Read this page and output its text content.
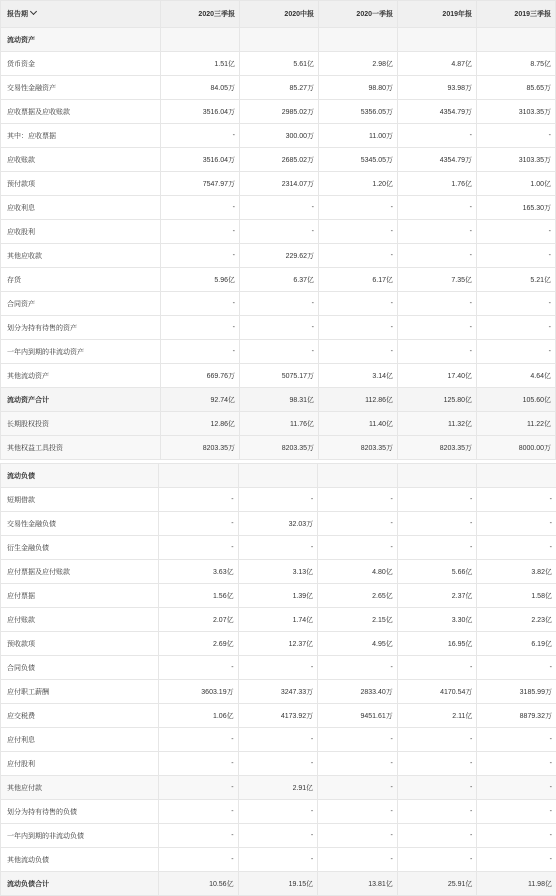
报告期	2020三季报	2020中报	2020一季报	2019年报	2019三季报
流动资产					
货币资金	1.51亿	5.61亿	2.98亿	4.87亿	8.75亿
交易性金融资产	84.05万	85.27万	98.80万	93.98万	85.65万
应收票据及应收账款	3516.04万	2985.02万	5356.05万	4354.79万	3103.35万
其中：应收票据	-	300.00万	11.00万	-	-
应收账款	3516.04万	2685.02万	5345.05万	4354.79万	3103.35万
预付款项	7547.97万	2314.07万	1.20亿	1.76亿	1.00亿
应收利息	-	-	-	-	165.30万
应收股利	-	-	-	-	-
其他应收款	-	229.62万	-	-	-
存货	5.96亿	6.37亿	6.17亿	7.35亿	5.21亿
合同资产	-	-	-	-	-
划分为持有待售的资产	-	-	-	-	-
一年内到期的非流动资产	-	-	-	-	-
其他流动资产	669.76万	5075.17万	3.14亿	17.40亿	4.64亿
流动资产合计	92.74亿	98.31亿	112.86亿	125.80亿	105.60亿
长期股权投资	12.86亿	11.76亿	11.40亿	11.32亿	11.22亿
其他权益工具投资	8203.35万	8203.35万	8203.35万	8203.35万	8000.00万
流动负债					
短期借款	-	-	-	-	-
交易性金融负债	-	32.03万	-	-	-
衍生金融负债	-	-	-	-	-
应付票据及应付账款	3.63亿	3.13亿	4.80亿	5.66亿	3.82亿
应付票据	1.56亿	1.39亿	2.65亿	2.37亿	1.58亿
应付账款	2.07亿	1.74亿	2.15亿	3.30亿	2.23亿
预收款项	2.69亿	12.37亿	4.95亿	16.95亿	6.19亿
合同负债	-	-	-	-	-
应付职工薪酬	3603.19万	3247.33万	2833.40万	4170.54万	3185.99万
应交税费	1.06亿	4173.92万	9451.61万	2.11亿	8879.32万
应付利息	-	-	-	-	-
应付股利	-	-	-	-	-
其他应付款	-	2.91亿	-	-	-
划分为持有待售的负债	-	-	-	-	-
一年内到期的非流动负债	-	-	-	-	-
其他流动负债	-	-	-	-	-
流动负债合计	10.56亿	19.15亿	13.81亿	25.91亿	11.98亿
